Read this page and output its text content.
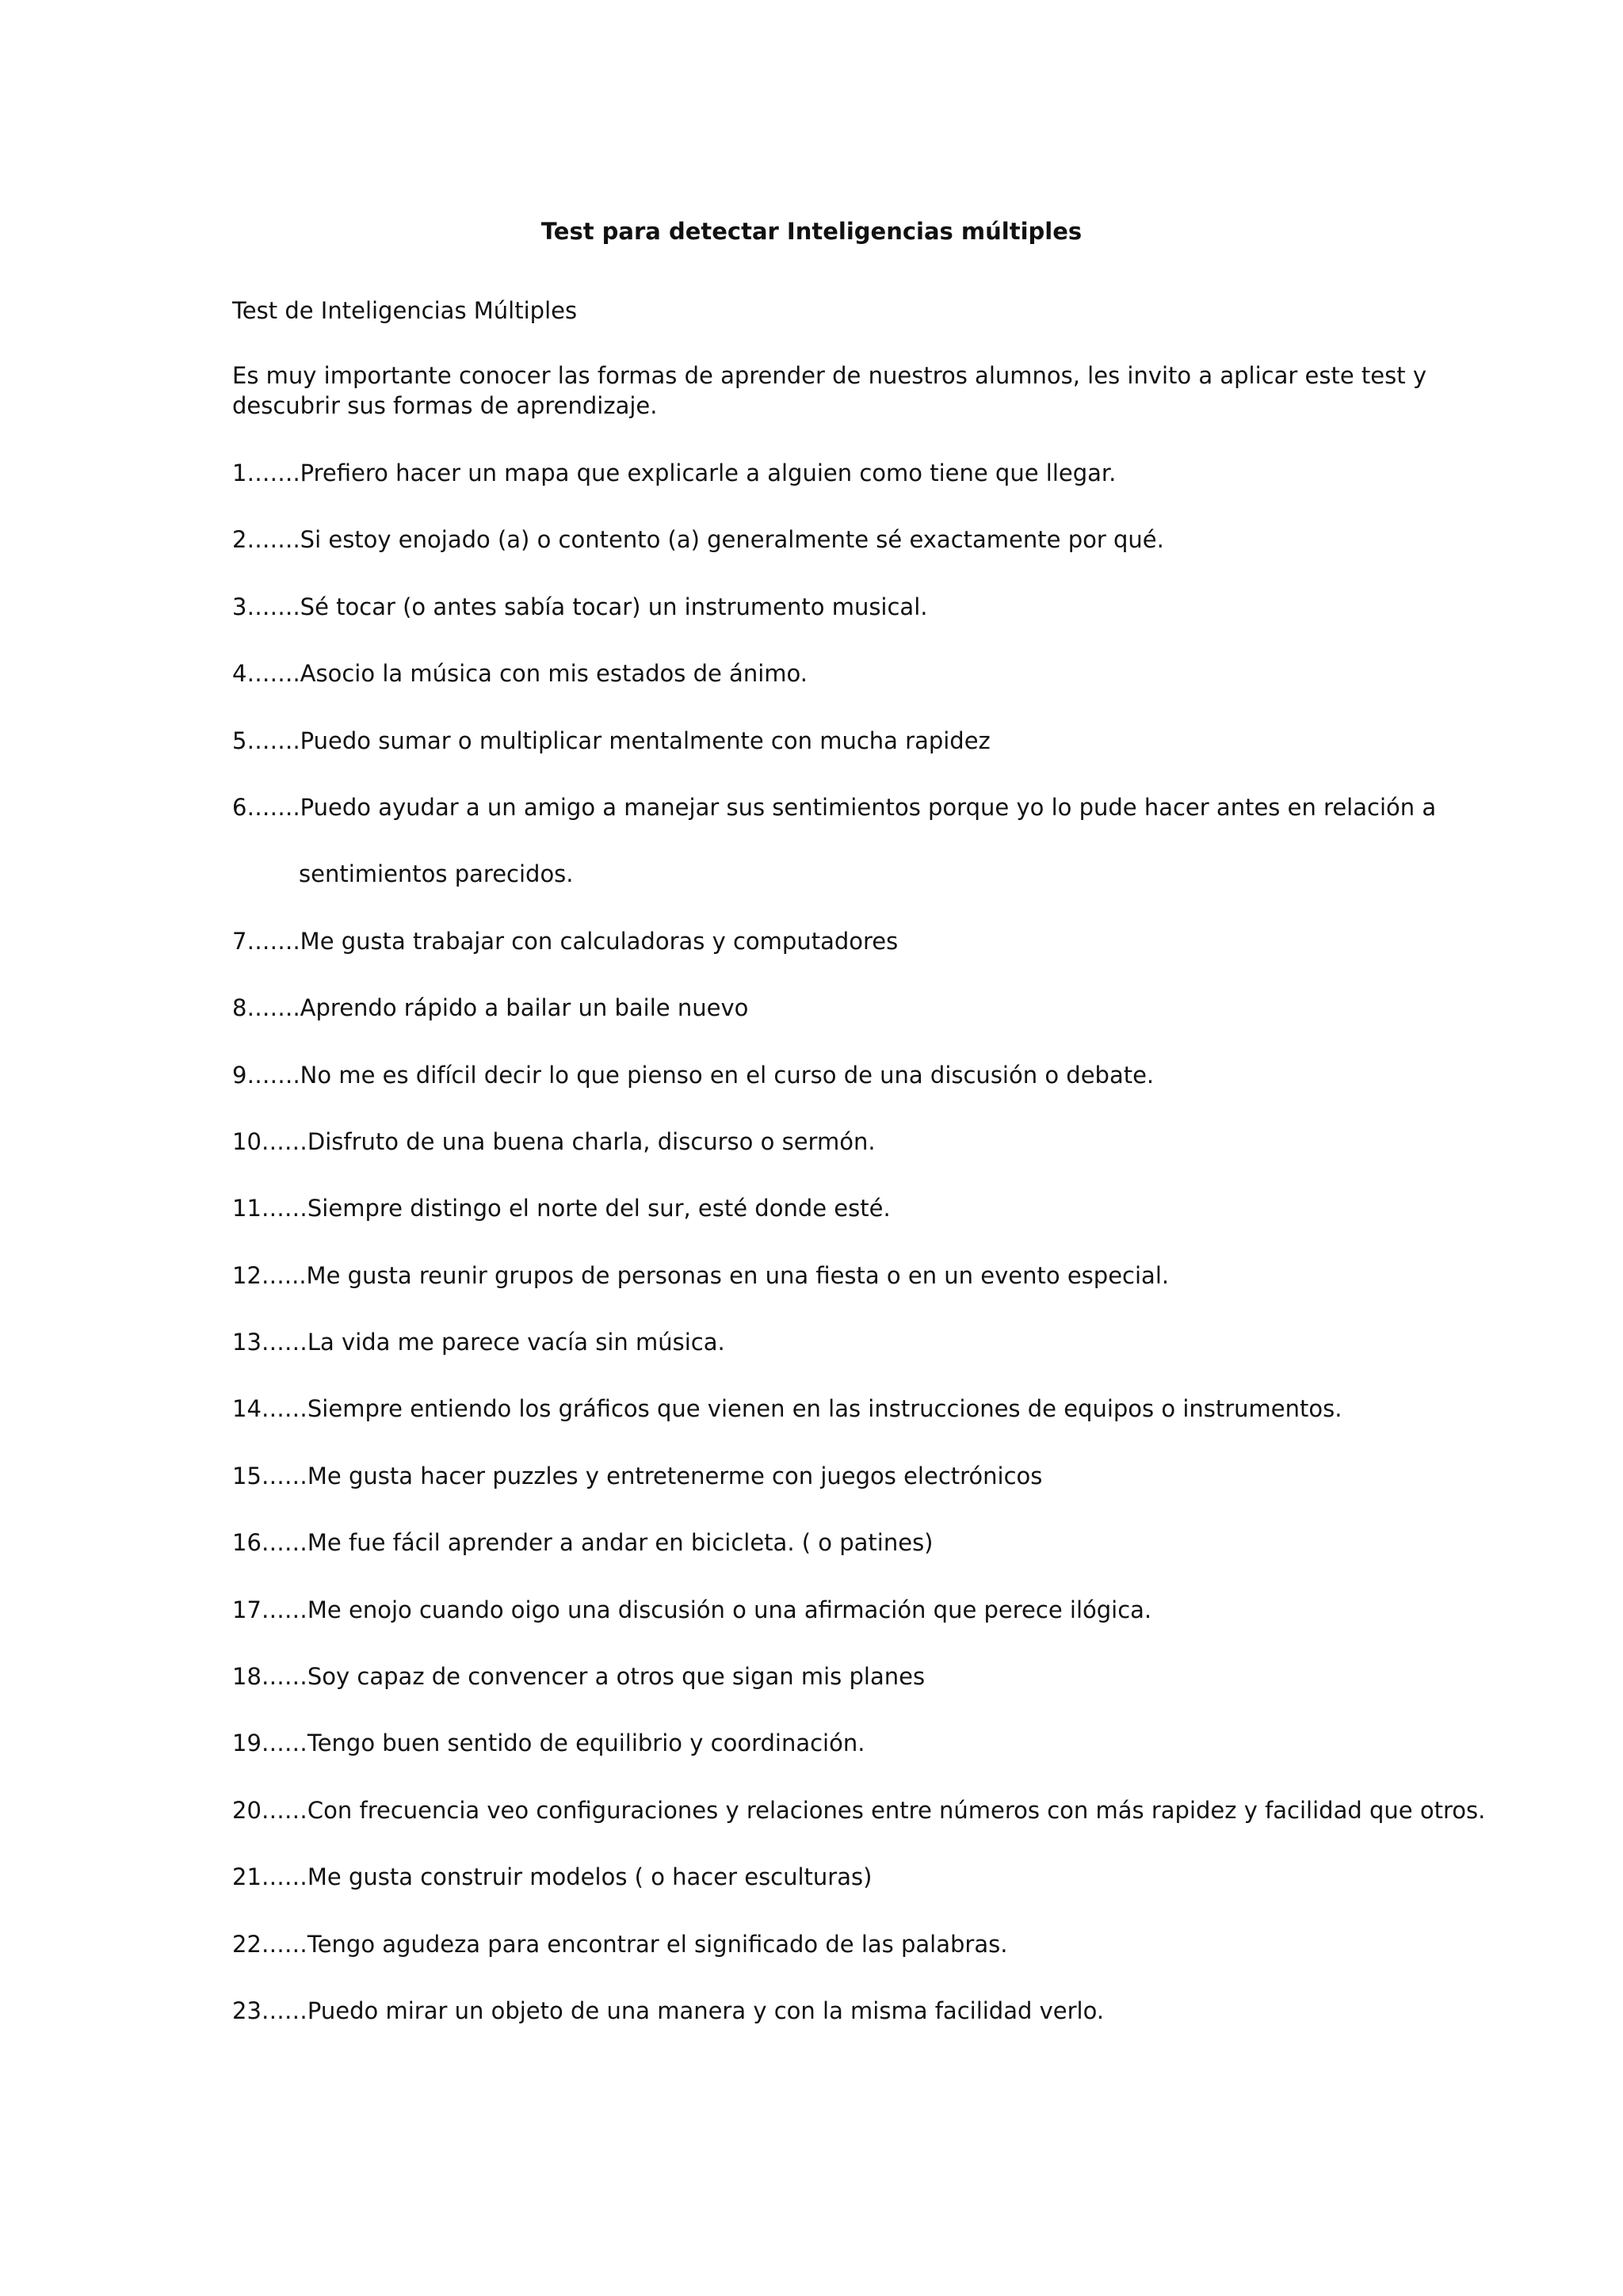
Test para detectar Inteligencias múltiples

Test de Inteligencias Múltiples

Es muy importante conocer las formas de aprender de nuestros alumnos, les invito a aplicar este test y descubrir sus formas de aprendizaje.

1…….Prefiero hacer un mapa que explicarle a alguien como tiene que llegar.
2…….Si estoy enojado (a) o contento (a) generalmente sé exactamente por qué.
3…….Sé tocar (o antes sabía tocar) un instrumento musical.
4…….Asocio la música con mis estados de ánimo.
5…….Puedo sumar o multiplicar mentalmente con mucha rapidez
6…….Puedo ayudar a un amigo a manejar sus sentimientos porque yo lo pude hacer antes en relación a
sentimientos parecidos.
7…….Me gusta trabajar con calculadoras y computadores
8…….Aprendo rápido a bailar un baile nuevo
9…….No me es difícil decir lo que pienso en el curso de una discusión o debate.
10……Disfruto de una buena charla, discurso o sermón.
11……Siempre distingo el norte del sur, esté donde esté.
12…...Me gusta reunir grupos de personas en una fiesta o en un evento especial.
13……La vida me parece vacía sin música.
14……Siempre entiendo los gráficos que vienen en las instrucciones de equipos o instrumentos.
15……Me gusta hacer puzzles y entretenerme con juegos electrónicos
16……Me fue fácil aprender a andar en bicicleta. ( o patines)
17……Me enojo cuando oigo una discusión o una afirmación que perece ilógica.
18……Soy capaz de convencer a otros que sigan mis planes
19……Tengo buen sentido de equilibrio y coordinación.
20……Con frecuencia veo configuraciones y relaciones entre números con más rapidez y facilidad que otros.
21……Me gusta construir modelos ( o hacer esculturas)
22……Tengo agudeza para encontrar el significado de las palabras.
23……Puedo mirar un objeto de una manera y con la misma facilidad verlo.
